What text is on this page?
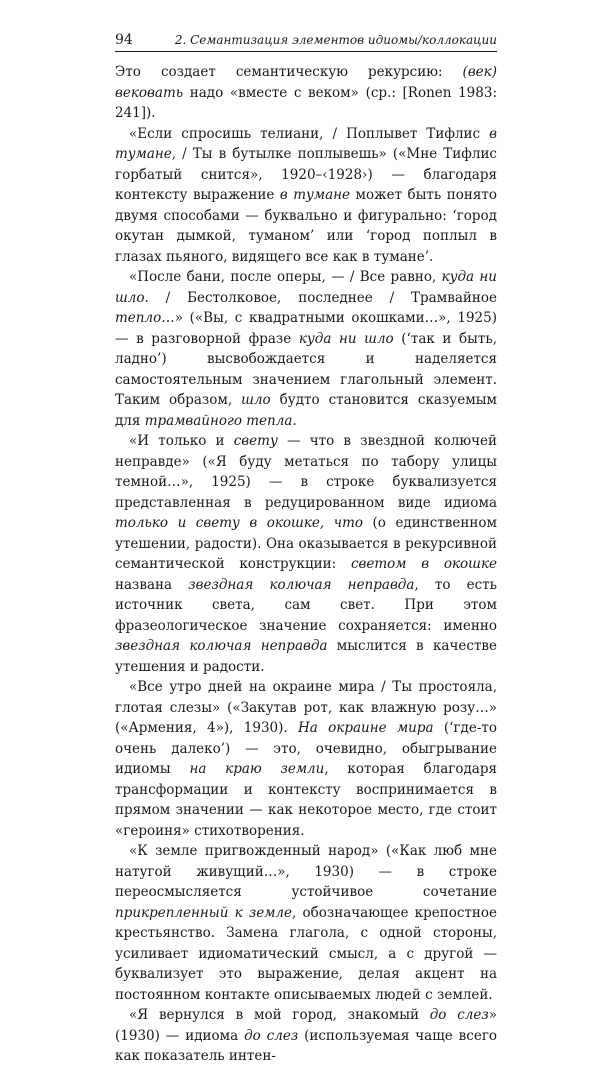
94	2. Семантизация элементов идиомы/коллокации

Это создает семантическую рекурсию: (век) вековать надо «вместе с веком» (ср.: [Ronen 1983: 241]).

«Если спросишь телиани, / Поплывет Тифлис в тумане, / Ты в бутылке поплывешь» («Мне Тифлис горбатый снится», 1920–‹1928›) — благодаря контексту выражение в тумане может быть понято двумя способами — буквально и фигурально: ‘город окутан дымкой, туманом’ или ‘город поплыл в глазах пьяного, видящего все как в тумане’.

«После бани, после оперы, — / Все равно, куда ни шло. / Бестолковое, последнее / Трамвайное тепло…» («Вы, с квадратными окошками…», 1925) — в разговорной фразе куда ни шло (‘так и быть, ладно’) высвобождается и наделяется самостоятельным значением глагольный элемент. Таким образом, шло будто становится сказуемым для трамвайного тепла.

«И только и свету — что в звездной колючей неправде» («Я буду метаться по табору улицы темной…», 1925) — в строке буквализуется представленная в редуцированном виде идиома только и свету в окошке, что (о единственном утешении, радости). Она оказывается в рекурсивной семантической конструкции: светом в окошке названа звездная колючая неправда, то есть источник света, сам свет. При этом фразеологическое значение сохраняется: именно звездная колючая неправда мыслится в качестве утешения и радости.

«Все утро дней на окраине мира / Ты простояла, глотая слезы» («Закутав рот, как влажную розу…» («Армения, 4»), 1930). На окраине мира (‘где-то очень далеко’) — это, очевидно, обыгрывание идиомы на краю земли, которая благодаря трансформации и контексту воспринимается в прямом значении — как некоторое место, где стоит «героиня» стихотворения.

«К земле пригвожденный народ» («Как люб мне натугой живущий…», 1930) — в строке переосмысляется устойчивое сочетание прикрепленный к земле, обозначающее крепостное крестьянство. Замена глагола, с одной стороны, усиливает идиоматический смысл, а с другой — буквализует это выражение, делая акцент на постоянном контакте описываемых людей с землей.

«Я вернулся в мой город, знакомый до слез» (1930) — идиома до слез (используемая чаще всего как показатель интен-
